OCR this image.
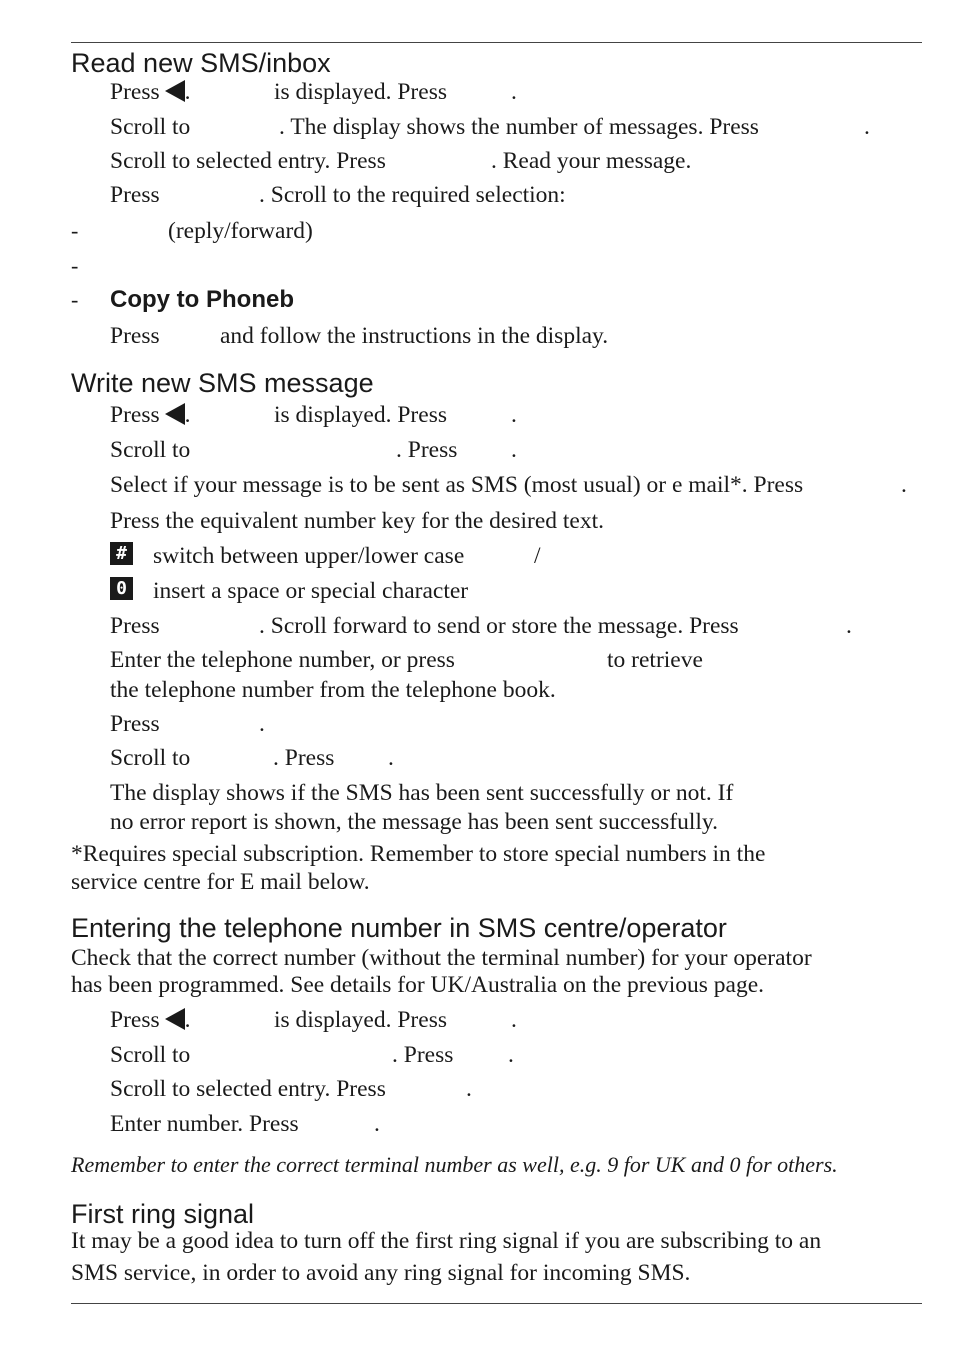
Read new SMS/inbox
Press .	is displayed. Press	.
Scroll to	. The display shows the number of messages. Press	.
Scroll to selected entry. Press	. Read your message.
Press	. Scroll to the required selection:
-	(reply/forward)
-
- Copy to Phoneb
Press	and follow the instructions in the display.
Write new SMS message
Press .	is displayed. Press	.
Scroll to	. Press .
Select if your message is to be sent as SMS (most usual) or e mail*. Press	.
Press the equivalent number key for the desired text.
# switch between upper/lower case	/
0 insert a space or special character
Press	. Scroll forward to send or store the message. Press	.
Enter the telephone number, or press	to retrieve
the telephone number from the telephone book.
Press	.
Scroll to	. Press .
The display shows if the SMS has been sent successfully or not. If
no error report is shown, the message has been sent successfully.
*Requires special subscription. Remember to store special numbers in the
service centre for E mail below.
Entering the telephone number in SMS centre/operator
Check that the correct number (without the terminal number) for your operator
has been programmed. See details for UK/Australia on the previous page.
Press .	is displayed. Press	.
Scroll to	. Press .
Scroll to selected entry. Press	.
Enter number. Press	.
Remember to enter the correct terminal number as well, e.g. 9 for UK and 0 for others.
First ring signal
It may be a good idea to turn off the first ring signal if you are subscribing to an
SMS service, in order to avoid any ring signal for incoming SMS.
